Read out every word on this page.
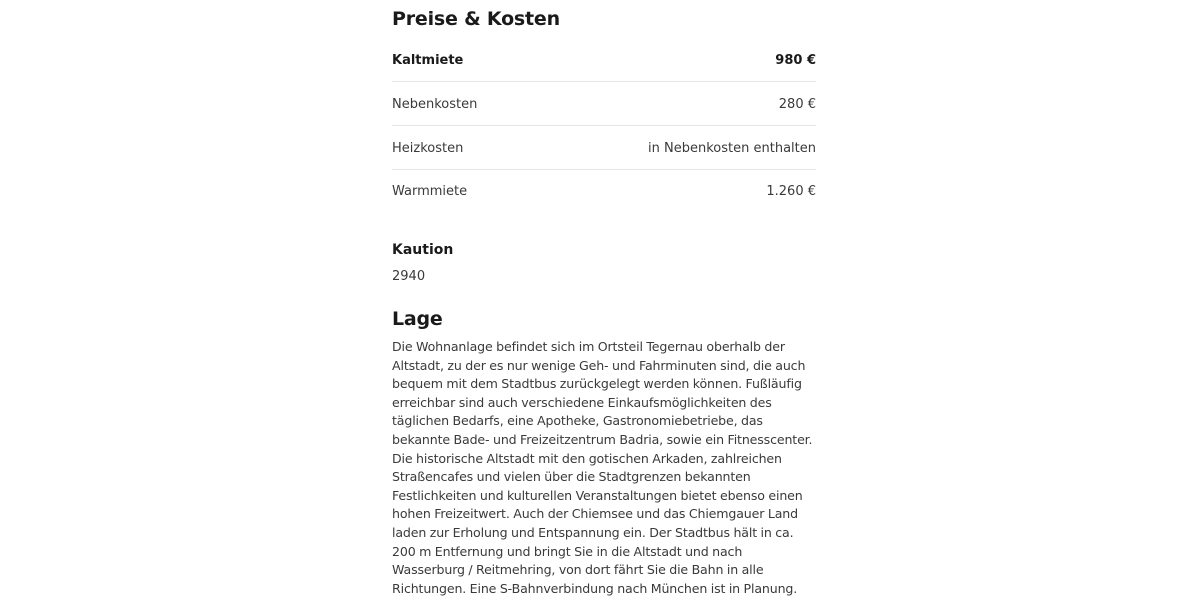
Preise & Kosten
Kaltmiete	980 €
Nebenkosten	280 €
Heizkosten	in Nebenkosten enthalten
Warmmiete	1.260 €
Kaution
2940
Lage

Die Wohnanlage befindet sich im Ortsteil Tegernau oberhalb der Altstadt, zu der es nur wenige Geh- und Fahrminuten sind, die auch bequem mit dem Stadtbus zurückgelegt werden können. Fußläufig erreichbar sind auch verschiedene Einkaufsmöglichkeiten des täglichen Bedarfs, eine Apotheke, Gastronomiebetriebe, das bekannte Bade- und Freizeitzentrum Badria, sowie ein Fitnesscenter. Die historische Altstadt mit den gotischen Arkaden, zahlreichen Straßencafes und vielen über die Stadtgrenzen bekannten Festlichkeiten und kulturellen Veranstaltungen bietet ebenso einen hohen Freizeitwert. Auch der Chiemsee und das Chiemgauer Land laden zur Erholung und Entspannung ein. Der Stadtbus hält in ca. 200 m Entfernung und bringt Sie in die Altstadt und nach Wasserburg / Reitmehring, von dort fährt Sie die Bahn in alle Richtungen. Eine S-Bahnverbindung nach München ist in Planung.
